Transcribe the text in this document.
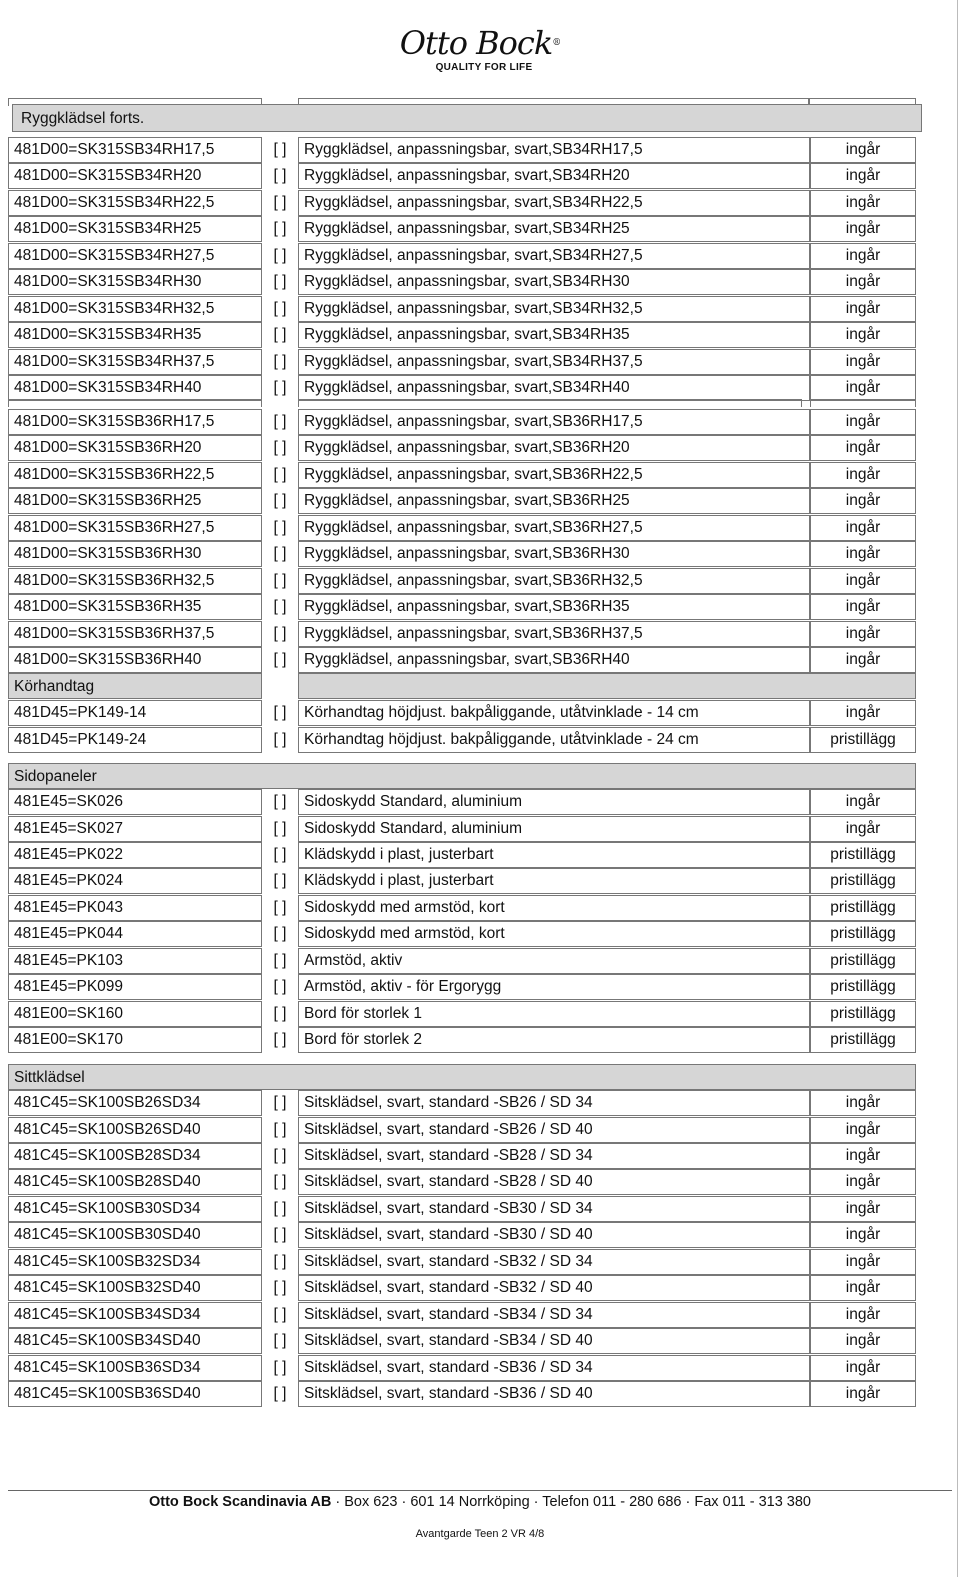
Otto Bock®
QUALITY FOR LIFE
Ryggklädsel forts.
481D00=SK315SB34RH17,5	[ ]	Ryggklädsel, anpassningsbar, svart,SB34RH17,5	ingår
481D00=SK315SB34RH20	[ ]	Ryggklädsel, anpassningsbar, svart,SB34RH20	ingår
481D00=SK315SB34RH22,5	[ ]	Ryggklädsel, anpassningsbar, svart,SB34RH22,5	ingår
481D00=SK315SB34RH25	[ ]	Ryggklädsel, anpassningsbar, svart,SB34RH25	ingår
481D00=SK315SB34RH27,5	[ ]	Ryggklädsel, anpassningsbar, svart,SB34RH27,5	ingår
481D00=SK315SB34RH30	[ ]	Ryggklädsel, anpassningsbar, svart,SB34RH30	ingår
481D00=SK315SB34RH32,5	[ ]	Ryggklädsel, anpassningsbar, svart,SB34RH32,5	ingår
481D00=SK315SB34RH35	[ ]	Ryggklädsel, anpassningsbar, svart,SB34RH35	ingår
481D00=SK315SB34RH37,5	[ ]	Ryggklädsel, anpassningsbar, svart,SB34RH37,5	ingår
481D00=SK315SB34RH40	[ ]	Ryggklädsel, anpassningsbar, svart,SB34RH40	ingår
481D00=SK315SB36RH17,5	[ ]	Ryggklädsel, anpassningsbar, svart,SB36RH17,5	ingår
481D00=SK315SB36RH20	[ ]	Ryggklädsel, anpassningsbar, svart,SB36RH20	ingår
481D00=SK315SB36RH22,5	[ ]	Ryggklädsel, anpassningsbar, svart,SB36RH22,5	ingår
481D00=SK315SB36RH25	[ ]	Ryggklädsel, anpassningsbar, svart,SB36RH25	ingår
481D00=SK315SB36RH27,5	[ ]	Ryggklädsel, anpassningsbar, svart,SB36RH27,5	ingår
481D00=SK315SB36RH30	[ ]	Ryggklädsel, anpassningsbar, svart,SB36RH30	ingår
481D00=SK315SB36RH32,5	[ ]	Ryggklädsel, anpassningsbar, svart,SB36RH32,5	ingår
481D00=SK315SB36RH35	[ ]	Ryggklädsel, anpassningsbar, svart,SB36RH35	ingår
481D00=SK315SB36RH37,5	[ ]	Ryggklädsel, anpassningsbar, svart,SB36RH37,5	ingår
481D00=SK315SB36RH40	[ ]	Ryggklädsel, anpassningsbar, svart,SB36RH40	ingår
Körhandtag
481D45=PK149-14	[ ]	Körhandtag höjdjust. bakpåliggande, utåtvinklade - 14 cm	ingår
481D45=PK149-24	[ ]	Körhandtag höjdjust. bakpåliggande, utåtvinklade - 24 cm	pristillägg
Sidopaneler
481E45=SK026	[ ]	Sidoskydd Standard, aluminium	ingår
481E45=SK027	[ ]	Sidoskydd Standard, aluminium	ingår
481E45=PK022	[ ]	Klädskydd i plast, justerbart	pristillägg
481E45=PK024	[ ]	Klädskydd i plast, justerbart	pristillägg
481E45=PK043	[ ]	Sidoskydd med armstöd, kort	pristillägg
481E45=PK044	[ ]	Sidoskydd med armstöd, kort	pristillägg
481E45=PK103	[ ]	Armstöd, aktiv	pristillägg
481E45=PK099	[ ]	Armstöd, aktiv - för Ergorygg	pristillägg
481E00=SK160	[ ]	Bord för storlek 1	pristillägg
481E00=SK170	[ ]	Bord för storlek 2	pristillägg
Sittklädsel
481C45=SK100SB26SD34	[ ]	Sitsklädsel, svart, standard -SB26 / SD 34	ingår
481C45=SK100SB26SD40	[ ]	Sitsklädsel, svart, standard -SB26 / SD 40	ingår
481C45=SK100SB28SD34	[ ]	Sitsklädsel, svart, standard -SB28 / SD 34	ingår
481C45=SK100SB28SD40	[ ]	Sitsklädsel, svart, standard -SB28 / SD 40	ingår
481C45=SK100SB30SD34	[ ]	Sitsklädsel, svart, standard -SB30 / SD 34	ingår
481C45=SK100SB30SD40	[ ]	Sitsklädsel, svart, standard -SB30 / SD 40	ingår
481C45=SK100SB32SD34	[ ]	Sitsklädsel, svart, standard -SB32 / SD 34	ingår
481C45=SK100SB32SD40	[ ]	Sitsklädsel, svart, standard -SB32 / SD 40	ingår
481C45=SK100SB34SD34	[ ]	Sitsklädsel, svart, standard -SB34 / SD 34	ingår
481C45=SK100SB34SD40	[ ]	Sitsklädsel, svart, standard -SB34 / SD 40	ingår
481C45=SK100SB36SD34	[ ]	Sitsklädsel, svart, standard -SB36 / SD 34	ingår
481C45=SK100SB36SD40	[ ]	Sitsklädsel, svart, standard -SB36 / SD 40	ingår
Otto Bock Scandinavia AB · Box 623 · 601 14 Norrköping · Telefon 011 - 280 686 · Fax 011 - 313 380
Avantgarde Teen 2 VR 4/8
